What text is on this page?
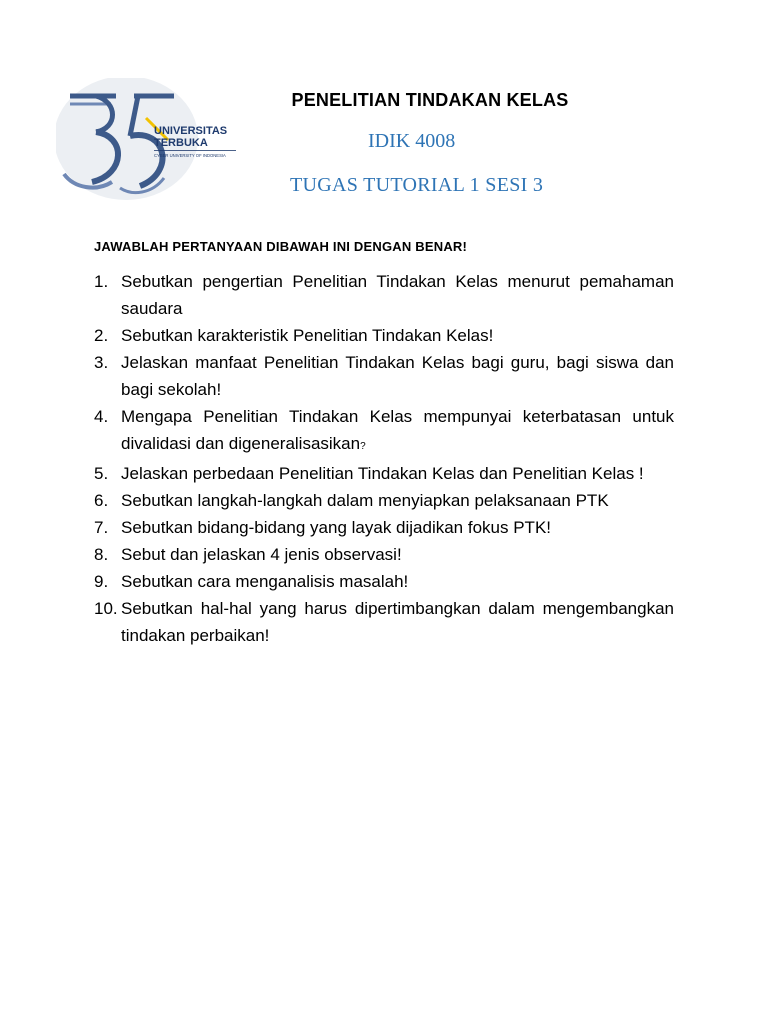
UNIVERSITAS
TERBUKA
CYBER UNIVERSITY OF INDONESIA
PENELITIAN TINDAKAN KELAS
IDIK 4008
TUGAS TUTORIAL 1 SESI 3
JAWABLAH PERTANYAAN DIBAWAH INI DENGAN BENAR!
1. Sebutkan pengertian Penelitian Tindakan Kelas menurut pemahaman saudara
2. Sebutkan karakteristik Penelitian Tindakan Kelas!
3. Jelaskan manfaat Penelitian Tindakan Kelas bagi guru, bagi siswa dan bagi sekolah!
4. Mengapa Penelitian Tindakan Kelas mempunyai keterbatasan untuk divalidasi dan digeneralisasikan?
5. Jelaskan perbedaan Penelitian Tindakan Kelas dan Penelitian Kelas !
6. Sebutkan langkah-langkah dalam menyiapkan pelaksanaan PTK
7. Sebutkan bidang-bidang yang layak dijadikan fokus PTK!
8. Sebut dan jelaskan 4 jenis observasi!
9. Sebutkan cara menganalisis masalah!
10. Sebutkan hal-hal yang harus dipertimbangkan dalam mengembangkan tindakan perbaikan!
